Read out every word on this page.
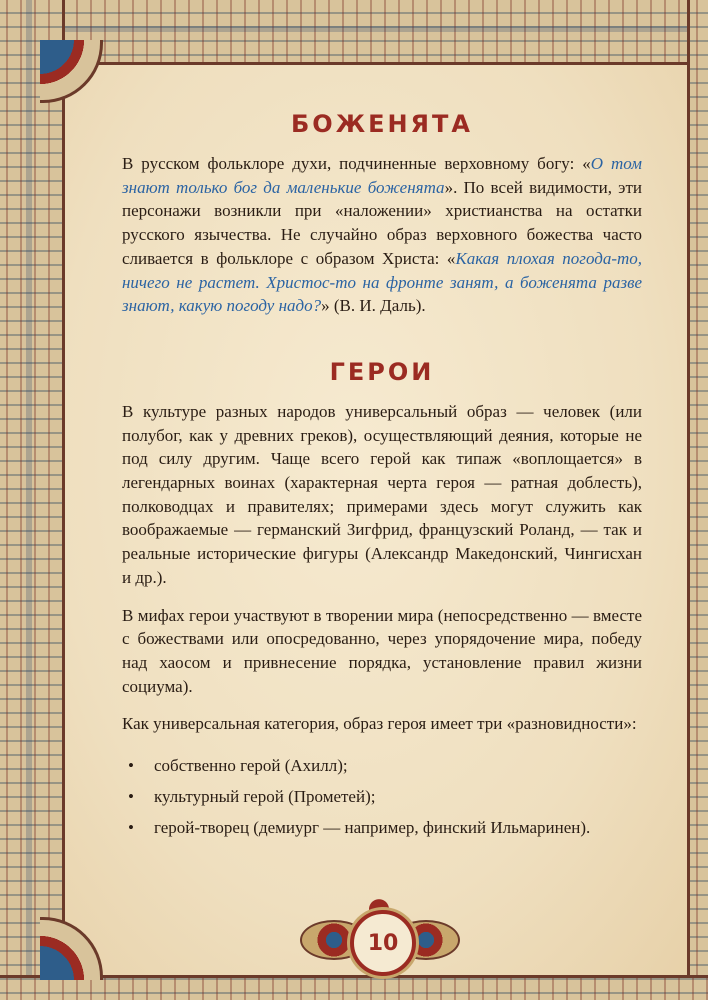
БОЖЕНЯТА

В русском фольклоре духи, подчиненные верховному богу: «О том знают только бог да маленькие боженята». По всей видимости, эти персонажи возникли при «наложении» христианства на остатки русского язычества. Не случайно образ верховного божества часто сливается в фольклоре с образом Христа: «Какая плохая погода-то, ничего не растет. Христос-то на фронте занят, а боженята разве знают, какую погоду надо?» (В. И. Даль).

ГЕРОИ

В культуре разных народов универсальный образ — человек (или полубог, как у древних греков), осуществляющий деяния, которые не под силу другим. Чаще всего герой как типаж «воплощается» в легендарных воинах (характерная черта героя — ратная доблесть), полководцах и правителях; примерами здесь могут служить как воображаемые — германский Зигфрид, французский Роланд, — так и реальные исторические фигуры (Александр Македонский, Чингисхан и др.).

В мифах герои участвуют в творении мира (непосредственно — вместе с божествами или опосредованно, через упорядочение мира, победу над хаосом и привнесение порядка, установление правил жизни социума).

Как универсальная категория, образ героя имеет три «разновидности»:

• собственно герой (Ахилл);
• культурный герой (Прометей);
• герой-творец (демиург — например, финский Ильмаринен).
10
